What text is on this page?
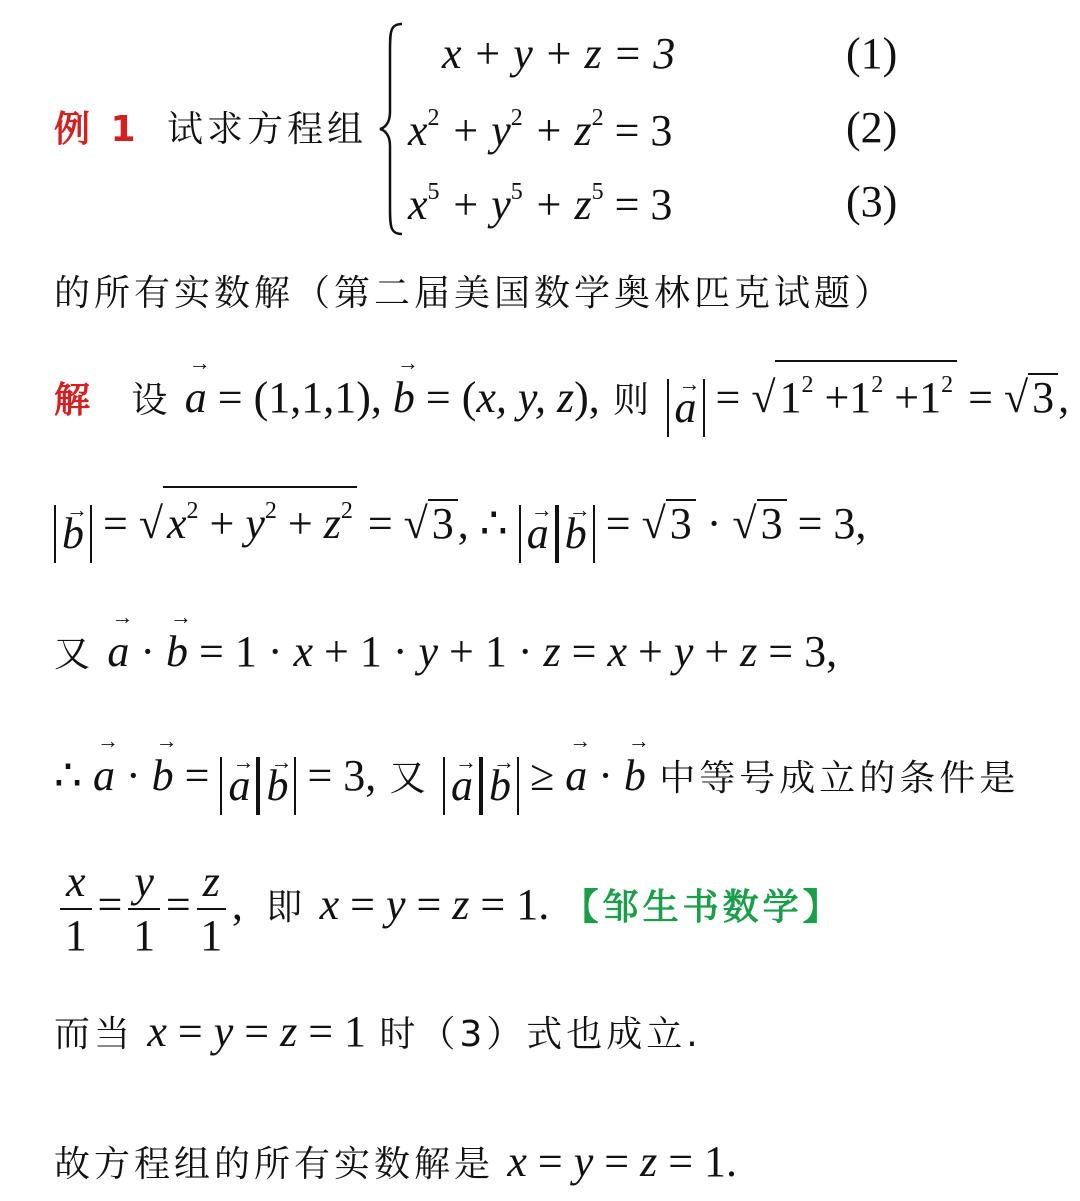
x + y + z = 3	(1)
例 1 试求方程组 $x^2 + y^2 + z^2 = 3$	(2)
$x^5 + y^5 + z^5 = 3$	(3)
的所有实数解（第二届美国数学奥林匹克试题）
解 设 → a = (1,1,1), → b = (x, y, z), 则 → $a = √1^2 +1^2 +1^2 = √3$,
→ $b = √x^2 + y^2 + z^2 = √3$, ∴ → a → b = √3 · √3 = 3,
又 → a · → b = 1 · x + 1 · y + 1 · z = x + y + z = 3,
∴ → a · → b = → a → b = 3, 又 → a → b ≥ → a · → b 中等号成立的条件是
$\frac{x}{1} = \frac{y}{1} = \frac{z}{1}$ , 即 x = y = z = 1. 【邹生书数学】
而当 x = y = z = 1 时（3）式也成立.
故方程组的所有实数解是 x = y = z = 1.
